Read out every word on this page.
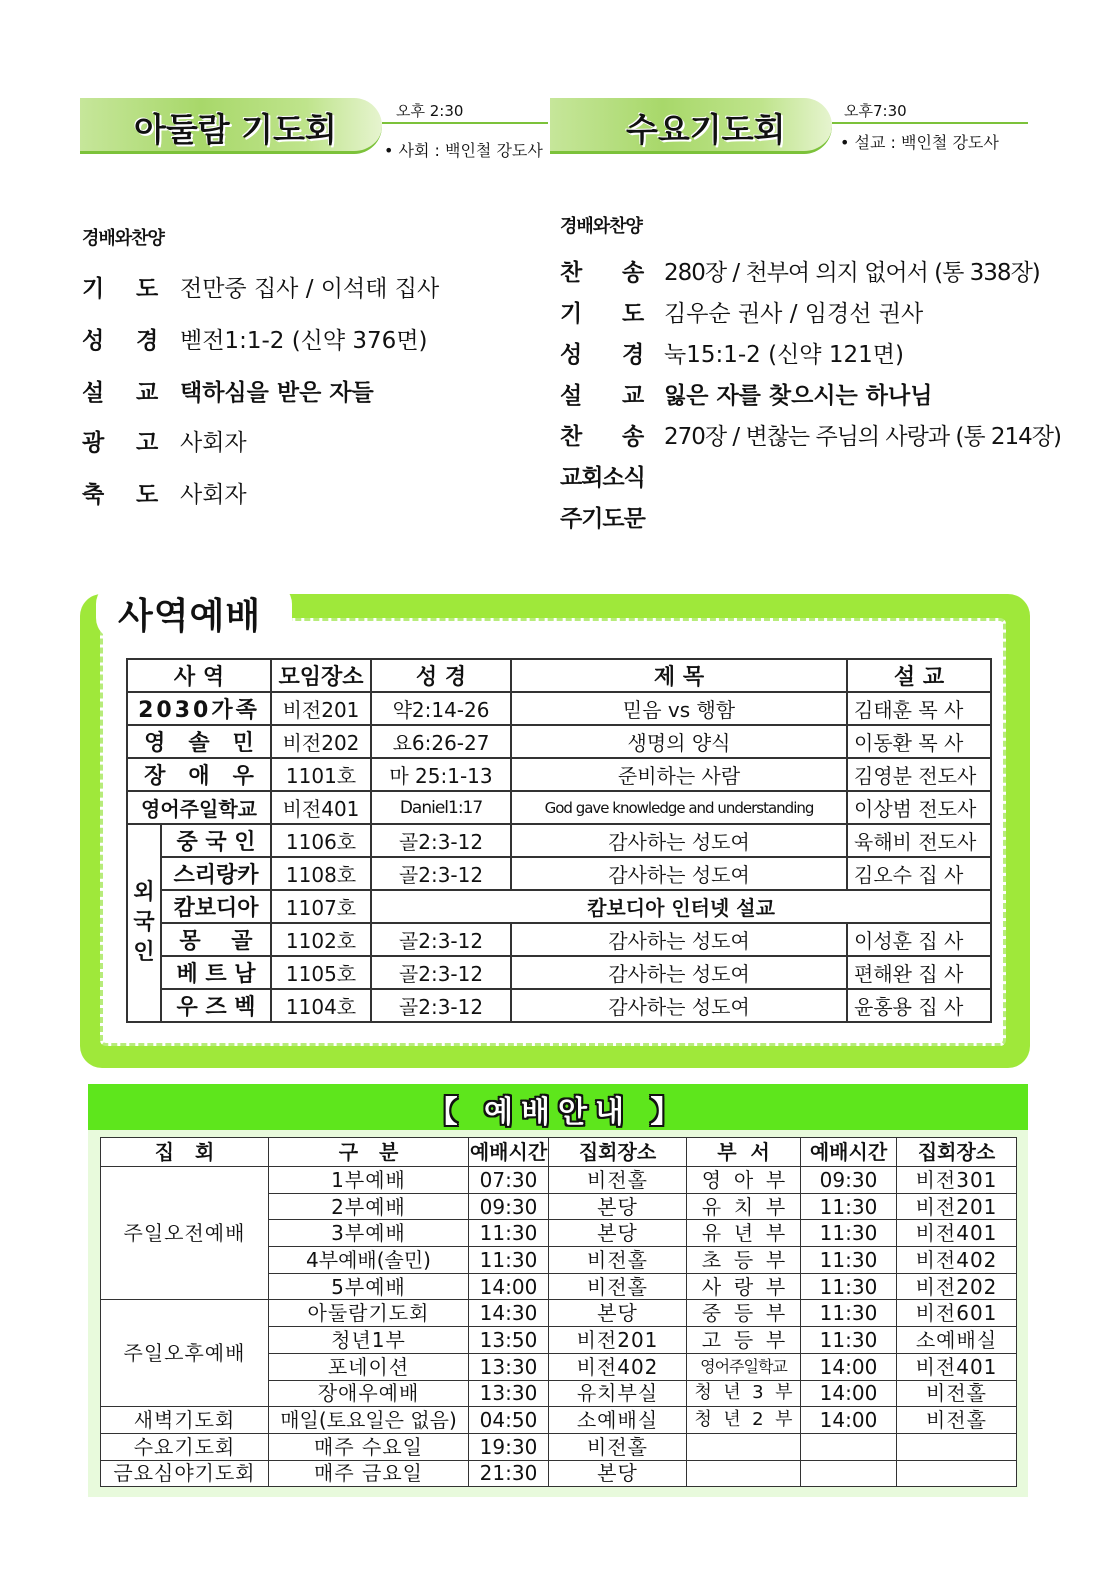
아둘람 기도회	오후 2:30
• 사회 : 백인철 강도사
수요기도회	오후7:30
• 설교 : 백인철 강도사
경배와찬양
기	도 전만중 집사 / 이석태 집사
성	경 벧전1:1-2 (신약 376면)
설	교 택하심을 받은 자들
광	고 사회자
축	도 사회자
경배와찬양
찬	송 280장 / 천부여 의지 없어서 (통 338장)
기	도 김우순 권사 / 임경선 권사
성	경 눅15:1-2 (신약 121면)
설	교 잃은 자를 찾으시는 하나님
찬	송 270장 / 변찮는 주님의 사랑과 (통 214장)
교회소식
주기도문
사역예배
사 역		모임장소	성 경	제 목	설 교
2030가족		비전201	약2:14-26	믿음 vs 행함	김태훈 목 사
영   솔   민		비전202	요6:26-27	생명의 양식	이동환 목 사
장   애   우		1101호	마 25:1-13	준비하는 사람	김영분 전도사
영어주일학교		비전401	Daniel1:17	God gave knowledge and understanding	이상범 전도사

외국인	중 국 인	1106호	골2:3-12	감사하는 성도여	육해비 전도사
	스리랑카	1108호	골2:3-12	감사하는 성도여	김오수 집 사
	캄보디아	1107호	캄보디아 인터넷 설교		
	몽    골	1102호	골2:3-12	감사하는 성도여	이성훈 집 사
	베 트 남	1105호	골2:3-12	감사하는 성도여	편해완 집 사
	우 즈 벡	1104호	골2:3-12	감사하는 성도여	윤홍용 집 사
【 예배안내 】
집   회	구   분	예배시간	집회장소	부  서	예배시간	집회장소
주일오전예배	1부예배	07:30	비전홀	영  아  부	09:30	비전301
	2부예배	09:30	본당	유  치  부	11:30	비전201
	3부예배	11:30	본당	유  년  부	11:30	비전401
	4부예배(솔민)	11:30	비전홀	초  등  부	11:30	비전402
	5부예배	14:00	비전홀	사  랑  부	11:30	비전202
주일오후예배	아둘람기도회	14:30	본당	중  등  부	11:30	비전601
	청년1부	13:50	비전201	고  등  부	11:30	소예배실
	포네이션	13:30	비전402	영어주일학교	14:00	비전401
	장애우예배	13:30	유치부실	청  년  3  부	14:00	비전홀
새벽기도회	매일(토요일은 없음)	04:50	소예배실	청  년  2  부	14:00	비전홀
수요기도회	매주 수요일	19:30	비전홀			
금요심야기도회	매주 금요일	21:30	본당			
